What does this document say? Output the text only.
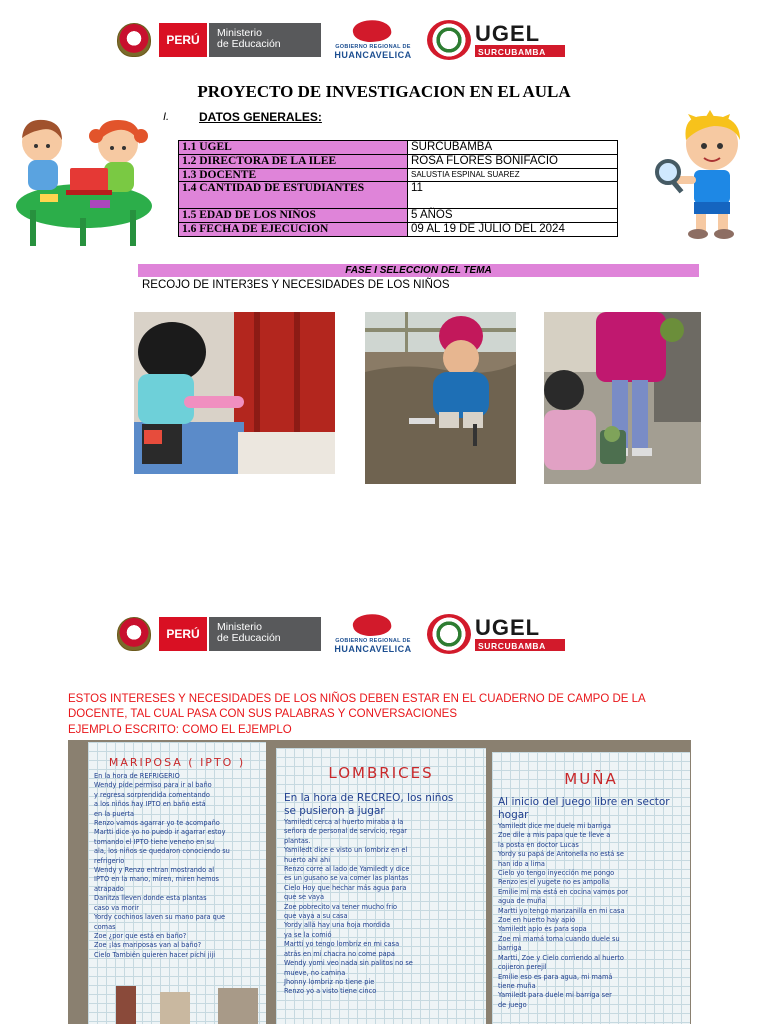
PERÚ	Ministerio
de Educación	GOBIERNO REGIONAL DE
HUANCAVELICA
UGEL
SURCUBAMBA
PROYECTO DE INVESTIGACION EN EL AULA
I. DATOS GENERALES:
1.1 UGEL	SURCUBAMBA
1.2 DIRECTORA DE LA ILEE	ROSA FLORES BONIFACIO
1.3 DOCENTE	SALUSTIA ESPINAL SUAREZ
1.4 CANTIDAD DE ESTUDIANTES	11
1.5 EDAD DE LOS NIÑOS	5 AÑOS
1.6 FECHA DE EJECUCION	09 AL 19 DE JULIO DEL 2024
FASE I SELECCION DEL TEMA
RECOJO DE INTER3ES Y NECESIDADES DE LOS NIÑOS
PERÚ	Ministerio
de Educación	GOBIERNO REGIONAL DE
HUANCAVELICA
UGEL
SURCUBAMBA
ESTOS INTERESES Y NECESIDADES DE LOS NIÑOS DEBEN ESTAR EN EL CUADERNO DE CAMPO DE LA
DOCENTE, TAL CUAL PASA CON SUS PALABRAS Y CONVERSACIONES
EJEMPLO ESCRITO: COMO EL EJEMPLO
MARIPOSA ( IPTO )
En la hora de REFRIGERIO
Wendy pide permiso para ir al baño
y regresa sorprendida comentando
a los niños hay IPTO en baño está
en la puerta
Renzo vamos agarrar yo te acompaño
Martti dice yo no puedo ir agarrar estoy
tomando el IPTO tiene veneno en su
ala, los niños se quedaron conociendo su
refrigerio
Wendy y Renzo entran mostrando al
IPTO en la mano, miren, miren hemos
atrapado
Danitza lleven donde esta plantas
caso va morir
Yordy cochinos laven su mano para que
comas
Zoe ¿por que está en baño?
Zoe ¡las mariposas van al baño?
Cielo También quieren hacer pichi jiji
LOMBRICES
En la hora de RECREO, los niños
se pusieron a jugar
Yamiledt cerca al huerto miraba a la
señora de personal de servicio, regar
plantas.
Yamiledt dice e visto un lombriz en el
huerto ahi ahi
Renzo corre al lado de Yamiledt y dice
es un gusano se va comer las plantas
Cielo Hoy que hechar más agua para
que se vaya
Zoe pobrecito va tener mucho frio
que vaya a su casa
Yordy allá hay una hoja mordida
ya se la comió
Martti yo tengo lombriz en mi casa
atrás en mi chacra no come papa
Wendy yomi veo nada sin palitos no se
mueve, no camina
Jhonny lombriz no tiene pie
Renzo yo a visto tiene cinco
MUÑA
Al inicio del juego libre en sector
hogar
Yamiledt dice me duele mi barriga
Zoe dile a mis papa que te lleve a
la posta en doctor Lucas
Yordy su papá de Antonella no está se
han ido a lima
Cielo yo tengo inyección me pongo
Renzo es el yugete no es ampolla
Emilie mi ma está en cocina vamos por
agua de muña
Martti yo tengo manzanilla en mi casa
Zoe en huerto hay apio
Yamiledt apio es para sopa
Zoe mi mamá toma cuando duele su
barriga
Martti, Zoe y Cielo corriendo al huerto
cojieron perejil
Emilie eso es para agua, mi mamá
tiene muña
Yamiledt para duele mi barriga ser
de juego
